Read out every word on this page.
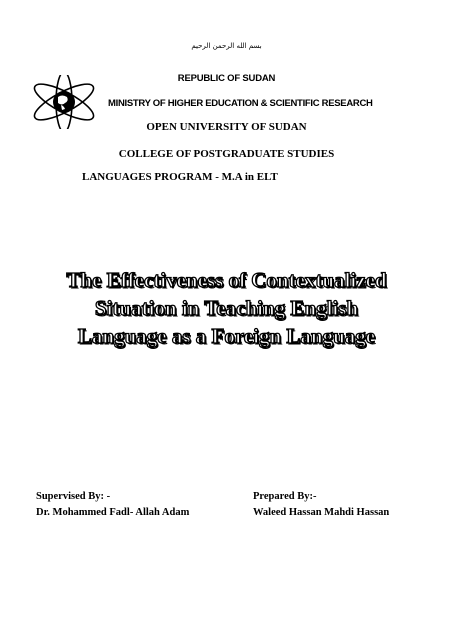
بسم الله الرحمن الرحيم
REPUBLIC OF SUDAN
MINISTRY OF HIGHER EDUCATION & SCIENTIFIC RESEARCH
OPEN UNIVERSITY OF SUDAN
COLLEGE OF POSTGRADUATE STUDIES
LANGUAGES PROGRAM - M.A in ELT
The Effectiveness of Contextualized
Situation in Teaching English
Language as a Foreign Language
Supervised By: -
Dr. Mohammed Fadl- Allah Adam
Prepared By:-
Waleed Hassan Mahdi Hassan
